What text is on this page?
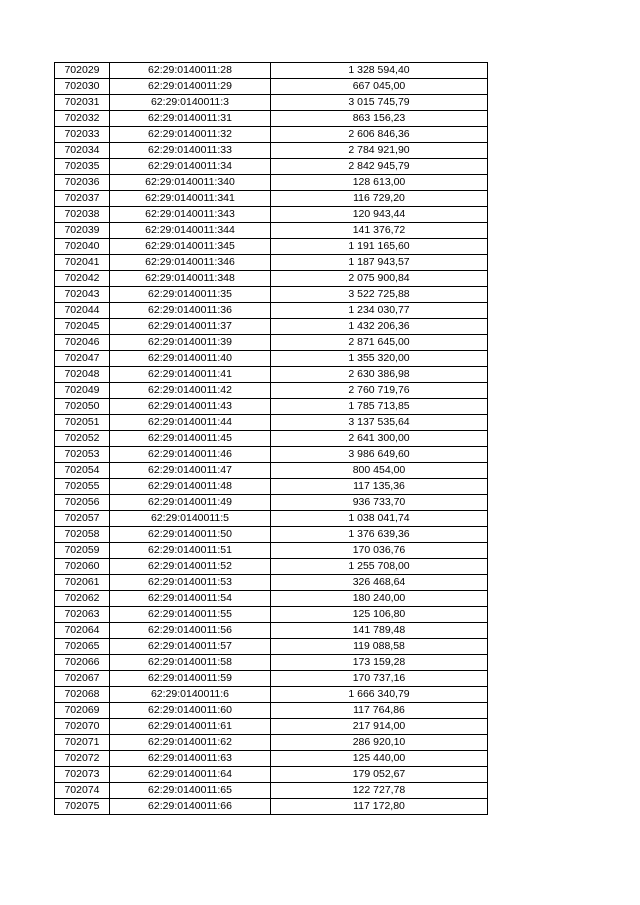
702029	62:29:0140011:28	1 328 594,40
702030	62:29:0140011:29	667 045,00
702031	62:29:0140011:3	3 015 745,79
702032	62:29:0140011:31	863 156,23
702033	62:29:0140011:32	2 606 846,36
702034	62:29:0140011:33	2 784 921,90
702035	62:29:0140011:34	2 842 945,79
702036	62:29:0140011:340	128 613,00
702037	62:29:0140011:341	116 729,20
702038	62:29:0140011:343	120 943,44
702039	62:29:0140011:344	141 376,72
702040	62:29:0140011:345	1 191 165,60
702041	62:29:0140011:346	1 187 943,57
702042	62:29:0140011:348	2 075 900,84
702043	62:29:0140011:35	3 522 725,88
702044	62:29:0140011:36	1 234 030,77
702045	62:29:0140011:37	1 432 206,36
702046	62:29:0140011:39	2 871 645,00
702047	62:29:0140011:40	1 355 320,00
702048	62:29:0140011:41	2 630 386,98
702049	62:29:0140011:42	2 760 719,76
702050	62:29:0140011:43	1 785 713,85
702051	62:29:0140011:44	3 137 535,64
702052	62:29:0140011:45	2 641 300,00
702053	62:29:0140011:46	3 986 649,60
702054	62:29:0140011:47	800 454,00
702055	62:29:0140011:48	117 135,36
702056	62:29:0140011:49	936 733,70
702057	62:29:0140011:5	1 038 041,74
702058	62:29:0140011:50	1 376 639,36
702059	62:29:0140011:51	170 036,76
702060	62:29:0140011:52	1 255 708,00
702061	62:29:0140011:53	326 468,64
702062	62:29:0140011:54	180 240,00
702063	62:29:0140011:55	125 106,80
702064	62:29:0140011:56	141 789,48
702065	62:29:0140011:57	119 088,58
702066	62:29:0140011:58	173 159,28
702067	62:29:0140011:59	170 737,16
702068	62:29:0140011:6	1 666 340,79
702069	62:29:0140011:60	117 764,86
702070	62:29:0140011:61	217 914,00
702071	62:29:0140011:62	286 920,10
702072	62:29:0140011:63	125 440,00
702073	62:29:0140011:64	179 052,67
702074	62:29:0140011:65	122 727,78
702075	62:29:0140011:66	117 172,80
